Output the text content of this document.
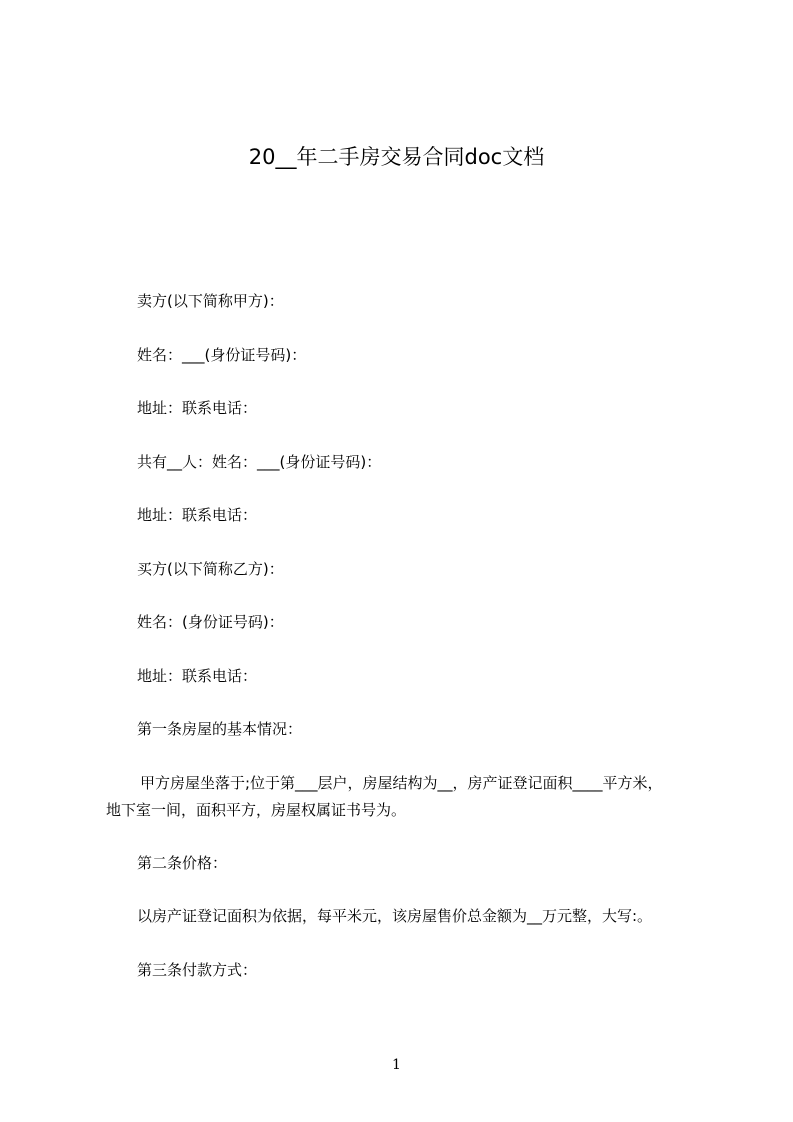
20__年二手房交易合同doc文档
卖方(以下简称甲方)：
姓名：___(身份证号码)：
地址：联系电话：
共有__人：姓名：___(身份证号码)：
地址：联系电话：
买方(以下简称乙方)：
姓名：(身份证号码)：
地址：联系电话：
第一条房屋的基本情况：
甲方房屋坐落于;位于第___层户，房屋结构为__，房产证登记面积____平方米，
地下室一间，面积平方，房屋权属证书号为。
第二条价格：
以房产证登记面积为依据，每平米元，该房屋售价总金额为__万元整，大写:。
第三条付款方式：
1
